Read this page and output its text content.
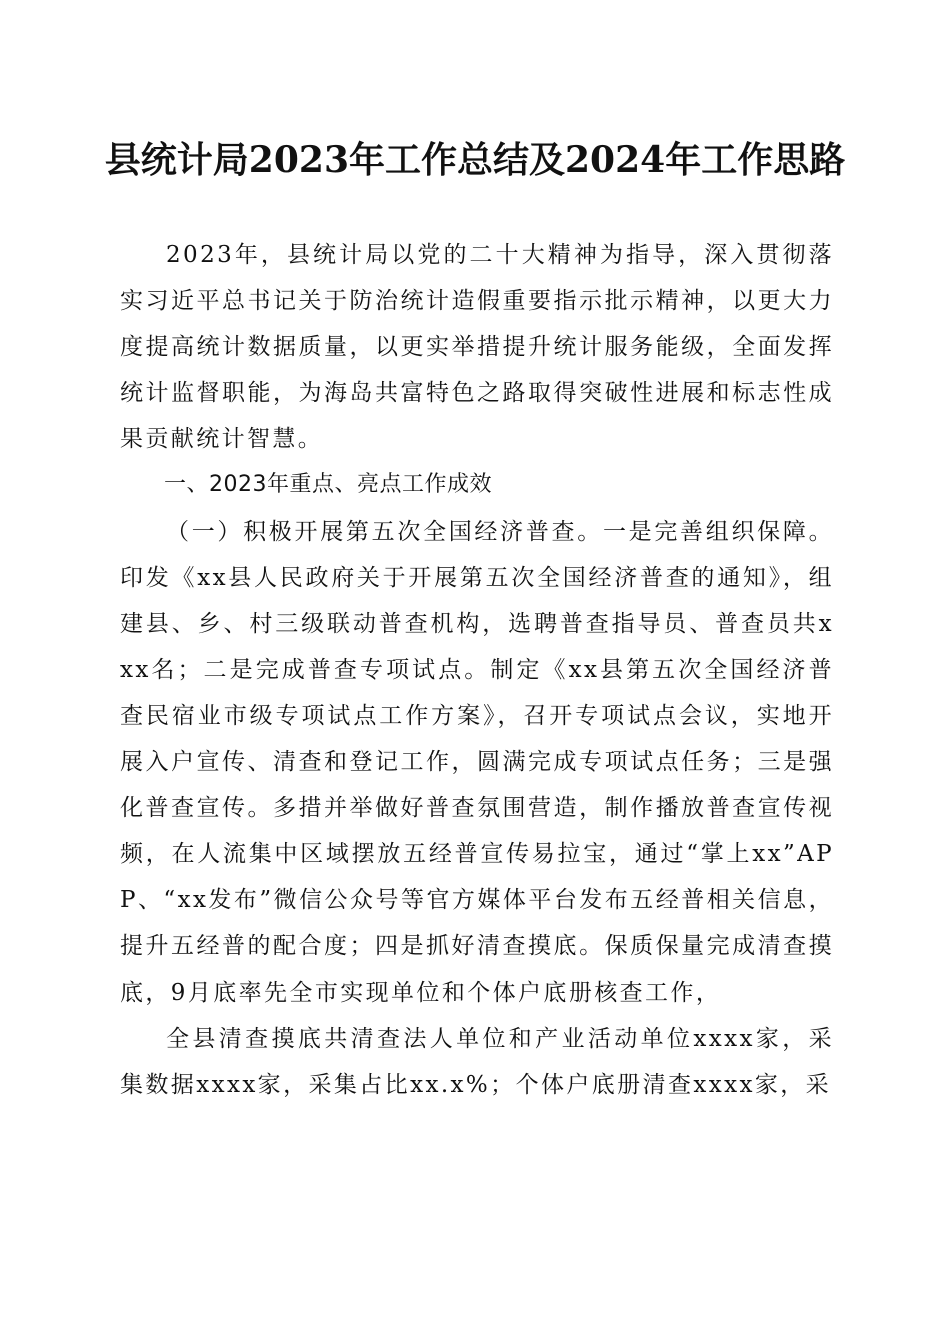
县统计局2023年工作总结及2024年工作思路

2023年，县统计局以党的二十大精神为指导，深入贯彻落实习近平总书记关于防治统计造假重要指示批示精神，以更大力度提高统计数据质量，以更实举措提升统计服务能级，全面发挥统计监督职能，为海岛共富特色之路取得突破性进展和标志性成果贡献统计智慧。

一、2023年重点、亮点工作成效

（一）积极开展第五次全国经济普查。一是完善组织保障。印发《xx县人民政府关于开展第五次全国经济普查的通知》，组建县、乡、村三级联动普查机构，选聘普查指导员、普查员共xxx名；二是完成普查专项试点。制定《xx县第五次全国经济普查民宿业市级专项试点工作方案》，召开专项试点会议，实地开展入户宣传、清查和登记工作，圆满完成专项试点任务；三是强化普查宣传。多措并举做好普查氛围营造，制作播放普查宣传视频，在人流集中区域摆放五经普宣传易拉宝，通过“掌上xx”APP、“xx发布”微信公众号等官方媒体平台发布五经普相关信息，提升五经普的配合度；四是抓好清查摸底。保质保量完成清查摸底，9月底率先全市实现单位和个体户底册核查工作，

全县清查摸底共清查法人单位和产业活动单位xxxx家，采集数据xxxx家，采集占比xx.x%；个体户底册清查xxxx家，采
